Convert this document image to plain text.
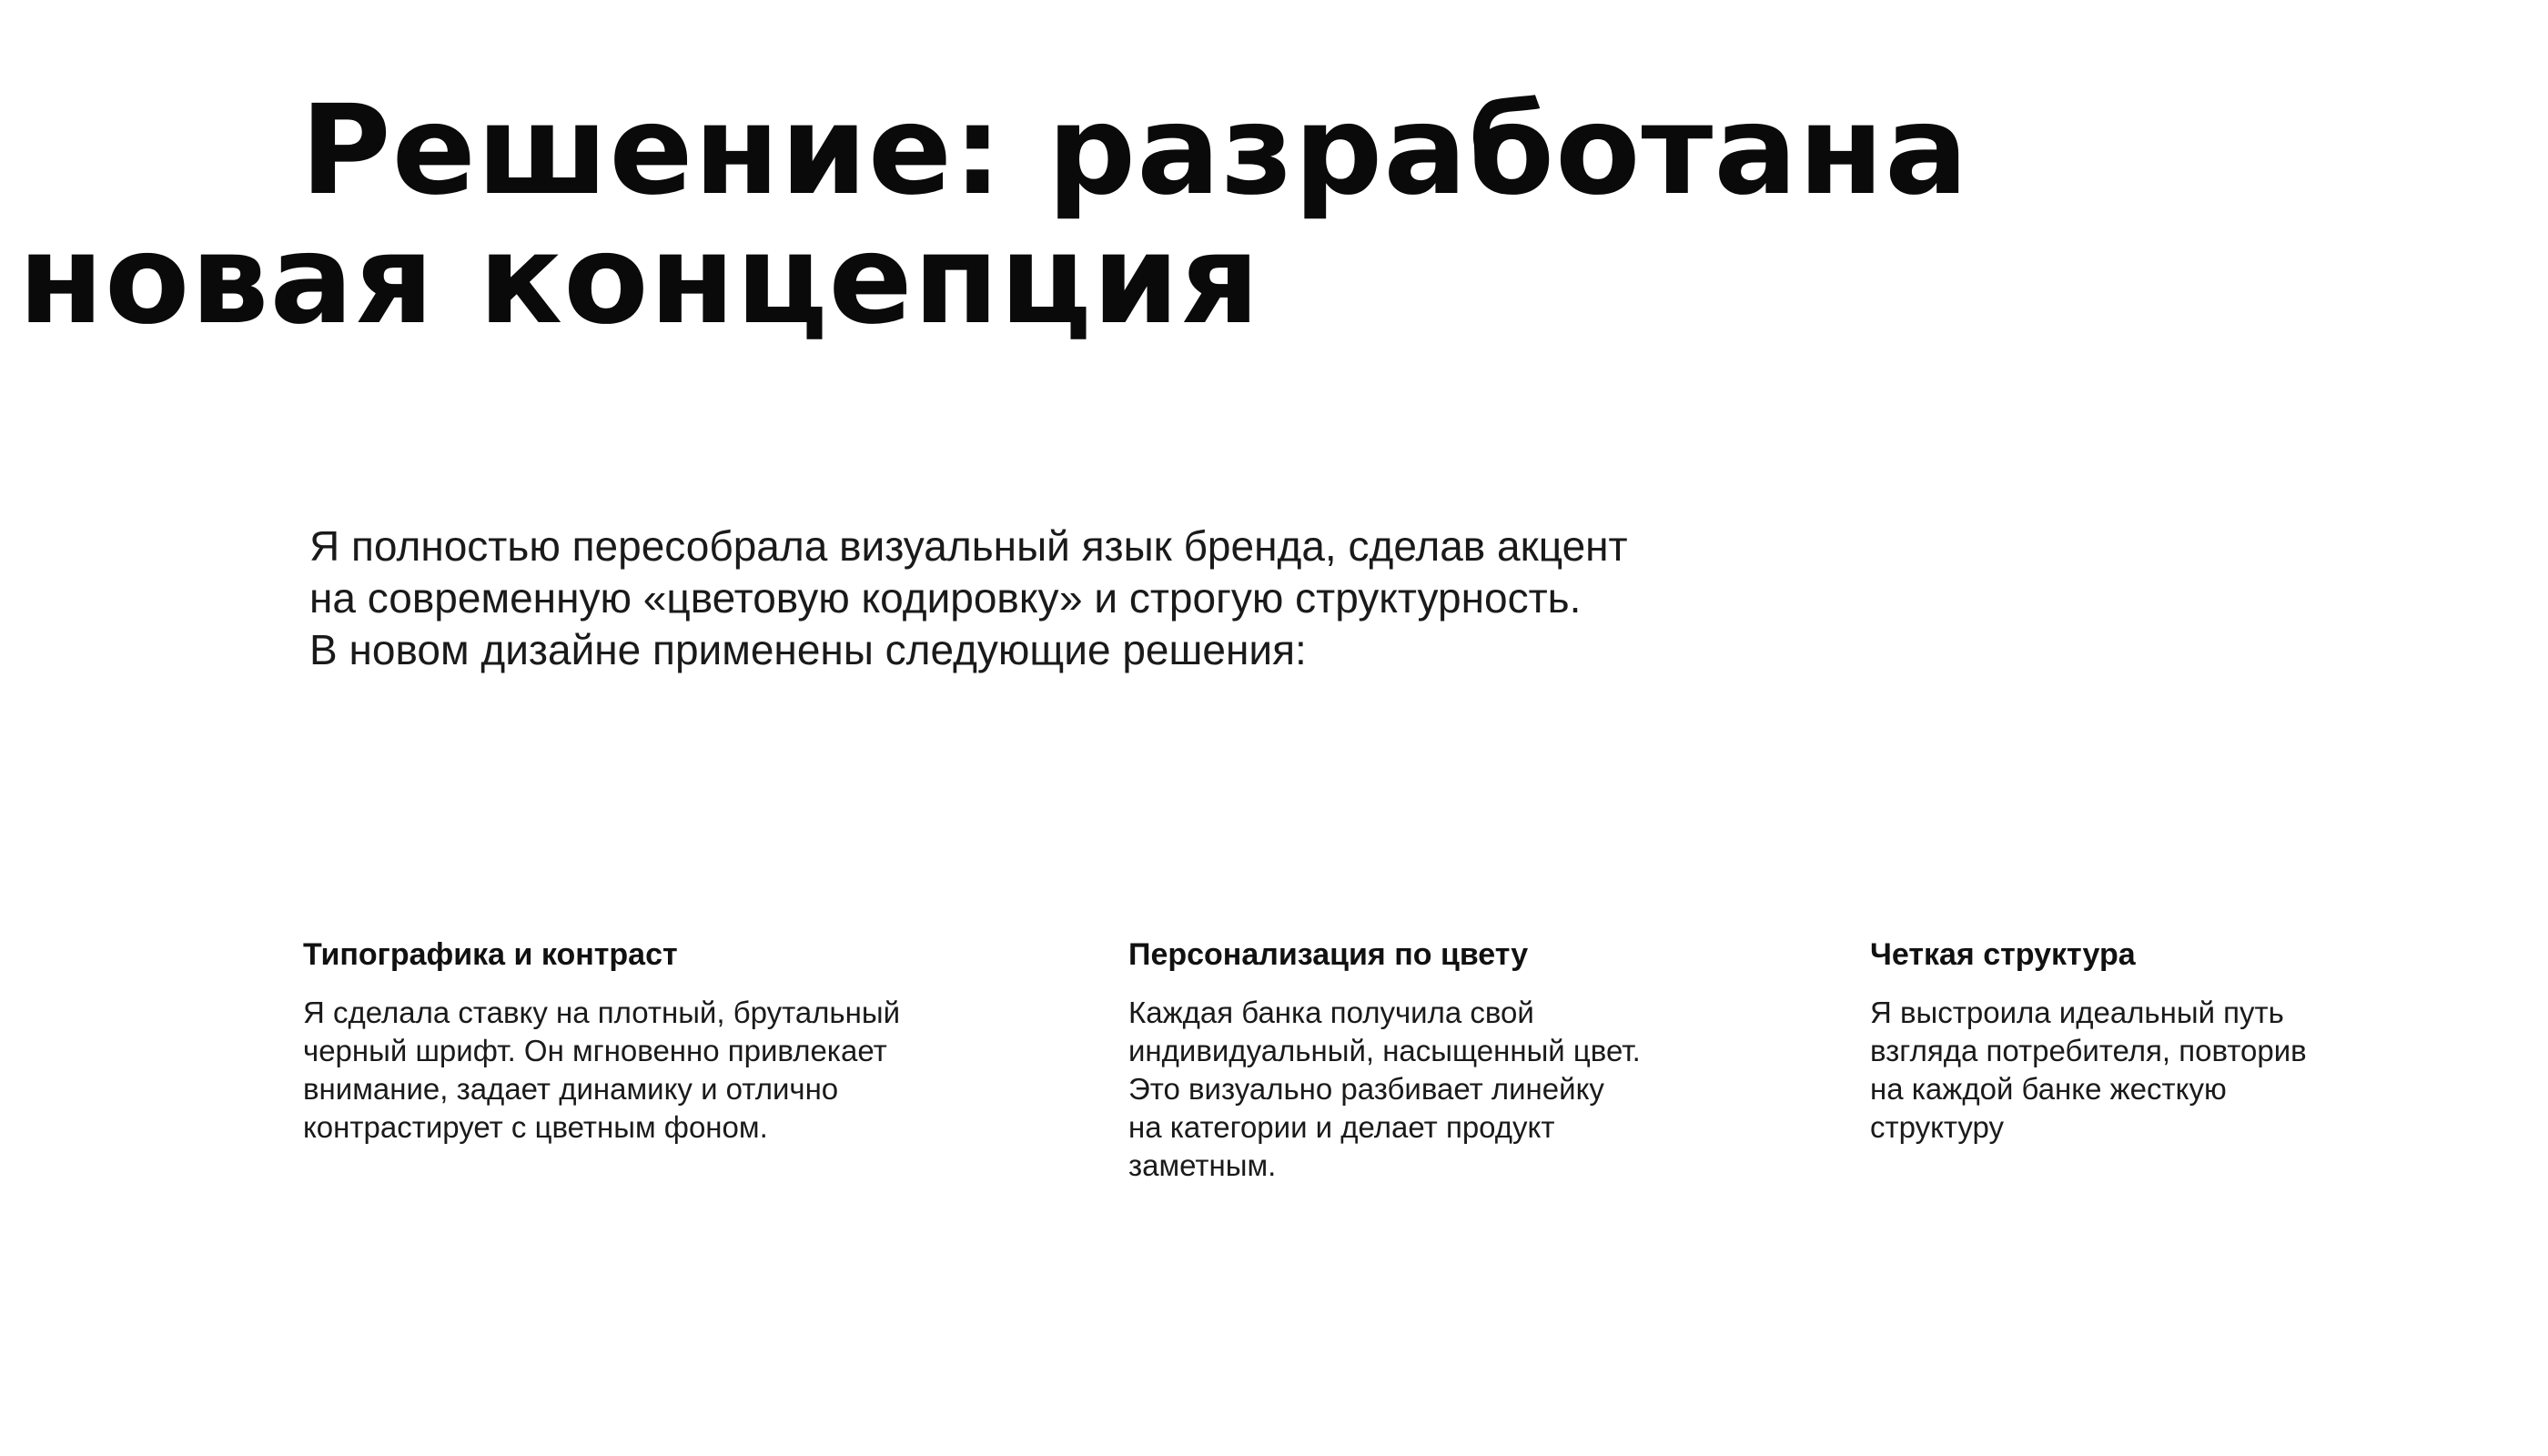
Решение: разработана
новая концепция

Я полностью пересобрала визуальный язык бренда, сделав акцент
на современную «цветовую кодировку» и строгую структурность.
В новом дизайне применены следующие решения:

Типографика и контраст

Я сделала ставку на плотный, брутальный
черный шрифт. Он мгновенно привлекает
внимание, задает динамику и отлично
контрастирует с цветным фоном.

Персонализация по цвету

Каждая банка получила свой
индивидуальный, насыщенный цвет.
Это визуально разбивает линейку
на категории и делает продукт
заметным.

Четкая структура

Я выстроила идеальный путь
взгляда потребителя, повторив
на каждой банке жесткую
структуру
